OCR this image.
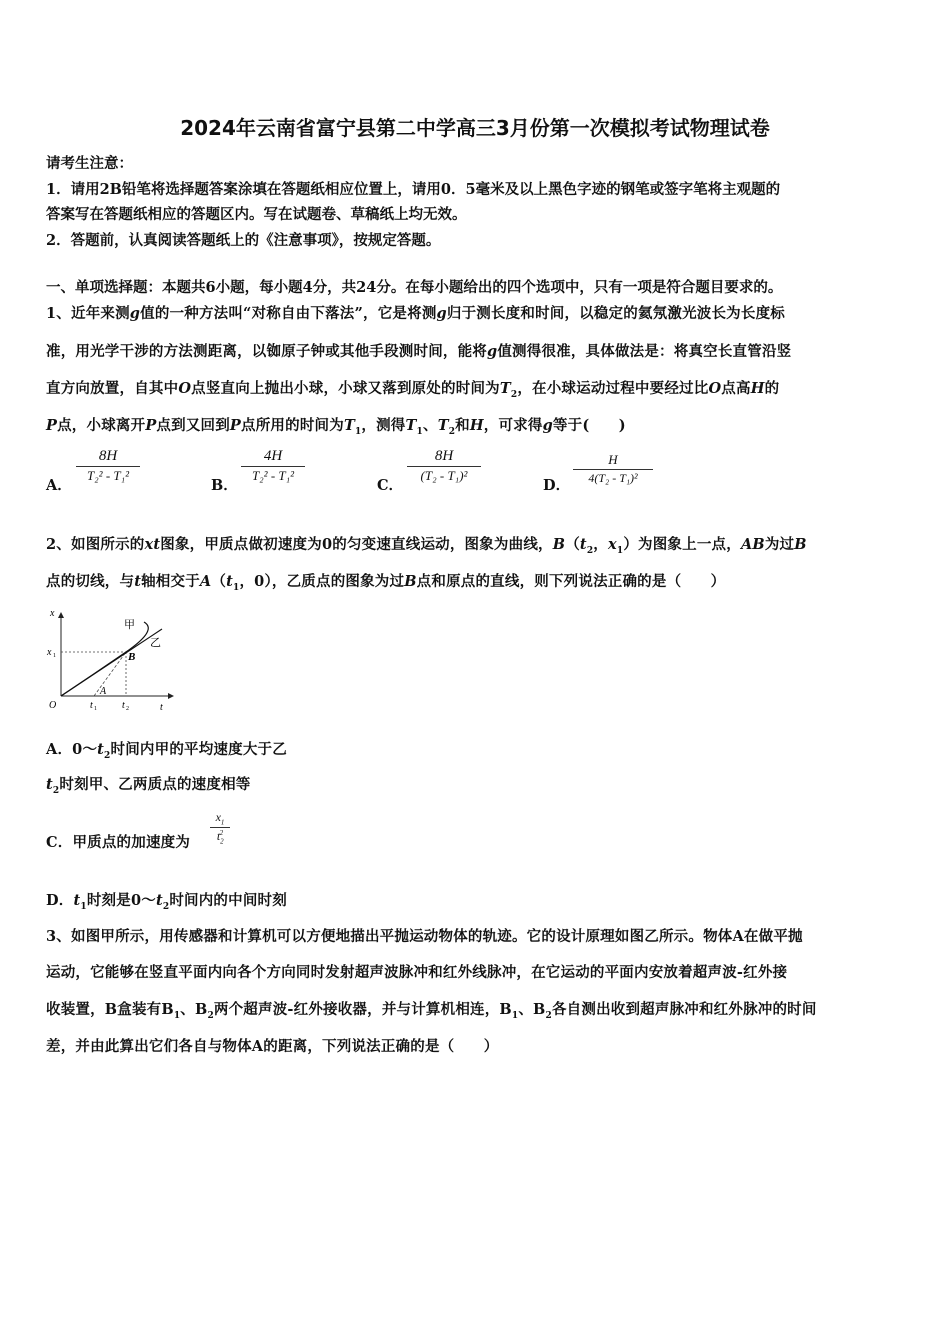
2024年云南省富宁县第二中学高三3月份第一次模拟考试物理试卷
请考生注意：
1．请用2B铅笔将选择题答案涂填在答题纸相应位置上，请用0．5毫米及以上黑色字迹的钢笔或签字笔将主观题的
答案写在答题纸相应的答题区内。写在试题卷、草稿纸上均无效。
2．答题前，认真阅读答题纸上的《注意事项》，按规定答题。
一、单项选择题：本题共6小题，每小题4分，共24分。在每小题给出的四个选项中，只有一项是符合题目要求的。
1、近年来测g值的一种方法叫“对称自由下落法”，它是将测g归于测长度和时间，以稳定的氦氖激光波长为长度标
准，用光学干涉的方法测距离，以铷原子钟或其他手段测时间，能将g值测得很准，具体做法是：将真空长直管沿竖
直方向放置，自其中O点竖直向上抛出小球，小球又落到原处的时间为$T_2$，在小球运动过程中要经过比O点高H的
P点，小球离开P点到又回到P点所用的时间为$T_1$，测得$T_1$、$T_2$和H，可求得g等于(　　)
A．
$\frac{8H}{\text{T₂² - T₁²}}$
B．
$\frac{4H}{\text{T₂² - T₁²}}$
C．
$\frac{8H}{\text{(T₂ - T₁)²}}$
D． $\frac{H}{\text{4(T₂ - T₁)²}}$
2、如图所示的xt图象，甲质点做初速度为0的匀变速直线运动，图象为曲线，$B(t_2$，$x_1$）为图象上一点，AB为过B
点的切线，与t轴相交于$A(t_1$，0），乙质点的图象为过B点和原点的直线，则下列说法正确的是（　　）
x
x 1
O	t 1	t 2	t
甲
乙
B
A
A．$0\sim t_2$时间内甲的平均速度大于乙
$t_2$时刻甲、乙两质点的速度相等
C．甲质点的加速度为 $\frac{x_1}{t_2^2}$
D．$t_1$时刻是$0\sim t_2$时间内的中间时刻
3、如图甲所示，用传感器和计算机可以方便地描出平抛运动物体的轨迹。它的设计原理如图乙所示。物体A在做平抛
运动，它能够在竖直平面内向各个方向同时发射超声波脉冲和红外线脉冲，在它运动的平面内安放着超声波-红外接
收装置，B盒装有$B_1$、$B_2$两个超声波-红外接收器，并与计算机相连，$B_1$、$B_2$各自测出收到超声脉冲和红外脉冲的时间
差，并由此算出它们各自与物体A的距离，下列说法正确的是（　　）
